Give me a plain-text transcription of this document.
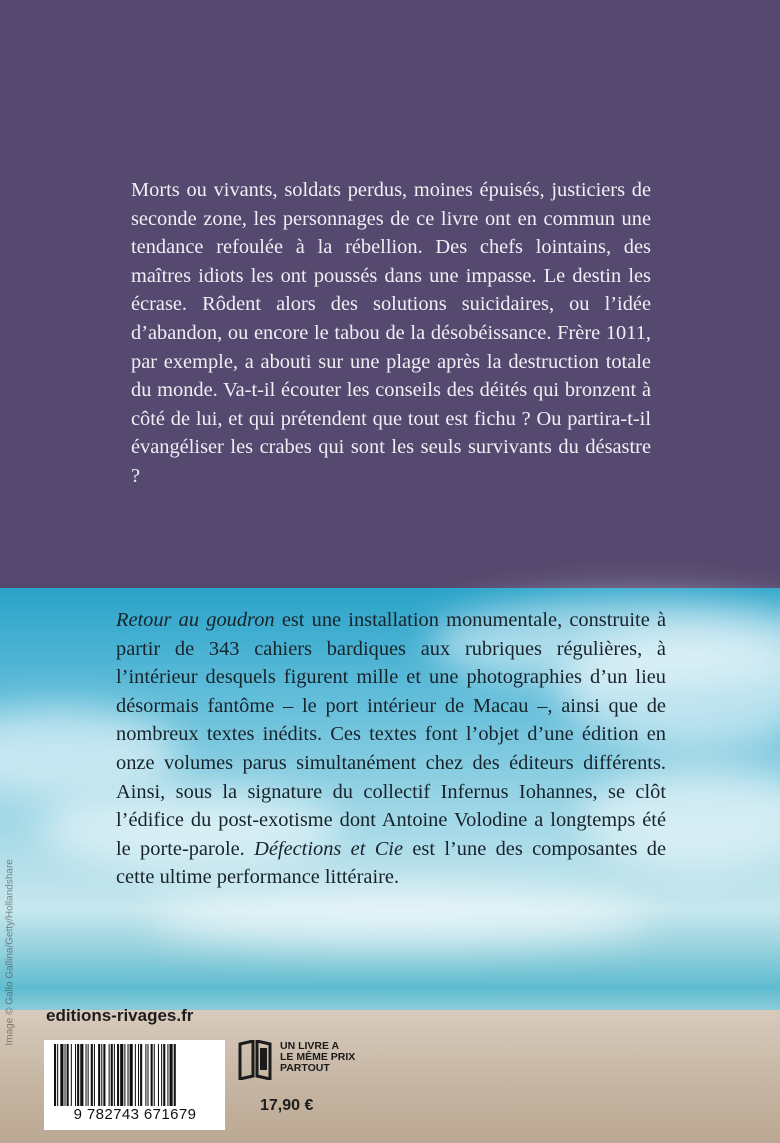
Morts ou vivants, soldats perdus, moines épuisés, justiciers de seconde zone, les personnages de ce livre ont en commun une tendance refoulée à la rébellion. Des chefs lointains, des maîtres idiots les ont poussés dans une impasse. Le destin les écrase. Rôdent alors des solutions suicidaires, ou l’idée d’abandon, ou encore le tabou de la désobéissance. Frère 1011, par exemple, a abouti sur une plage après la destruction totale du monde. Va-t-il écouter les conseils des déités qui bronzent à côté de lui, et qui prétendent que tout est fichu ? Ou partira-t-il évangéliser les crabes qui sont les seuls survivants du désastre ?

Retour au goudron est une installation monumentale, construite à partir de 343 cahiers bardiques aux rubriques régulières, à l’intérieur desquels figurent mille et une photographies d’un lieu désormais fantôme – le port intérieur de Macau –, ainsi que de nombreux textes inédits. Ces textes font l’objet d’une édition en onze volumes parus simultanément chez des éditeurs différents. Ainsi, sous la signature du collectif Infernus Iohannes, se clôt l’édifice du post-exotisme dont Antoine Volodine a longtemps été le porte-parole. Défections et Cie est l’une des composantes de cette ultime performance littéraire.

Image © Gallo Gallina/Getty/Hollandshare editions-rivages.fr
9 782743 671679
UN LIVRE A
LE MÊME PRIX
PARTOUT
17,90 €
